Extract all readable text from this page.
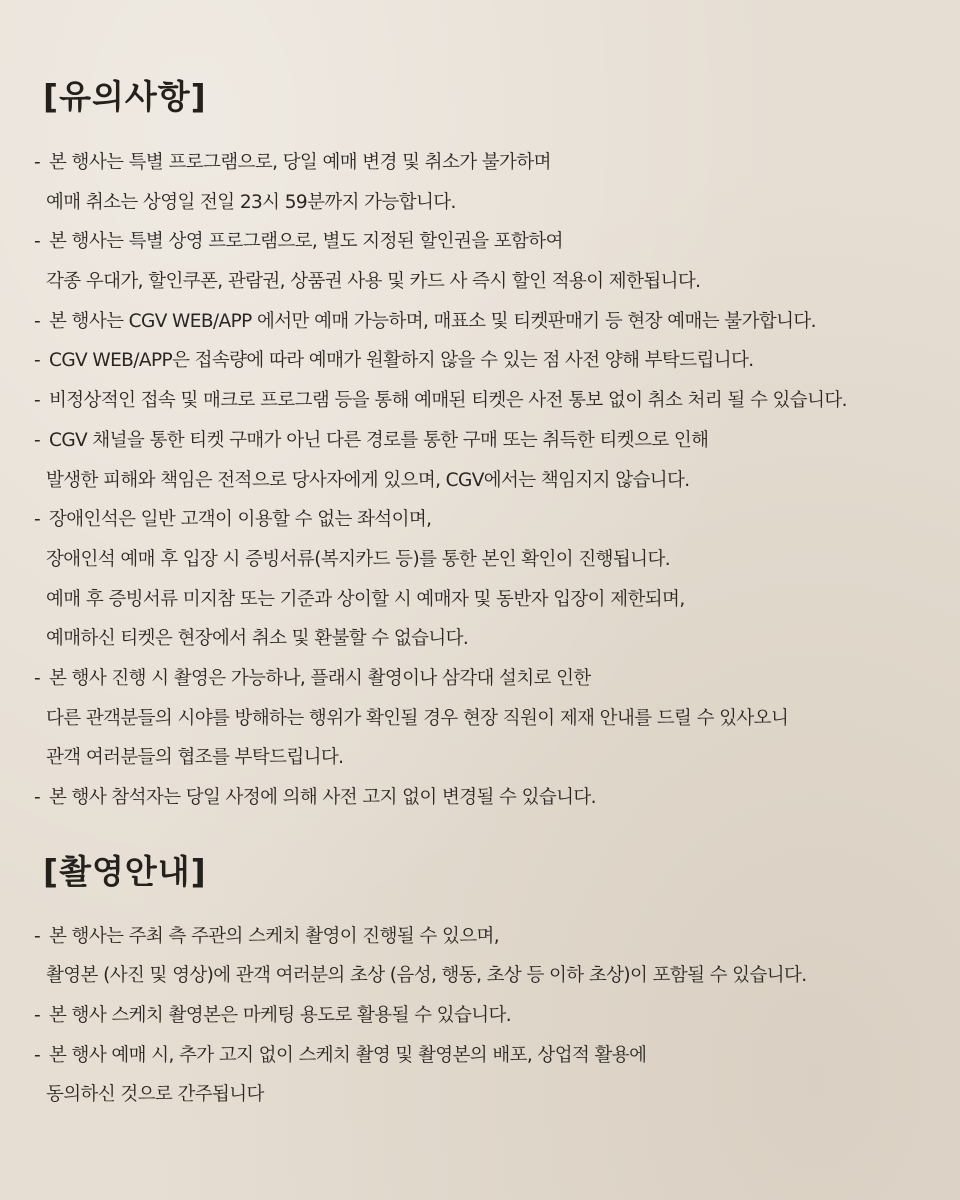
[유의사항]
- 본 행사는 특별 프로그램으로, 당일 예매 변경 및 취소가 불가하며
예매 취소는 상영일 전일 23시 59분까지 가능합니다.
- 본 행사는 특별 상영 프로그램으로, 별도 지정된 할인권을 포함하여
각종 우대가, 할인쿠폰, 관람권, 상품권 사용 및 카드 사 즉시 할인 적용이 제한됩니다.
- 본 행사는 CGV WEB/APP 에서만 예매 가능하며, 매표소 및 티켓판매기 등 현장 예매는 불가합니다.
- CGV WEB/APP은 접속량에 따라 예매가 원활하지 않을 수 있는 점 사전 양해 부탁드립니다.
- 비정상적인 접속 및 매크로 프로그램 등을 통해 예매된 티켓은 사전 통보 없이 취소 처리 될 수 있습니다.
- CGV 채널을 통한 티켓 구매가 아닌 다른 경로를 통한 구매 또는 취득한 티켓으로 인해
발생한 피해와 책임은 전적으로 당사자에게 있으며, CGV에서는 책임지지 않습니다.
- 장애인석은 일반 고객이 이용할 수 없는 좌석이며,
장애인석 예매 후 입장 시 증빙서류(복지카드 등)를 통한 본인 확인이 진행됩니다.
예매 후 증빙서류 미지참 또는 기준과 상이할 시 예매자 및 동반자 입장이 제한되며,
예매하신 티켓은 현장에서 취소 및 환불할 수 없습니다.
- 본 행사 진행 시 촬영은 가능하나, 플래시 촬영이나 삼각대 설치로 인한
다른 관객분들의 시야를 방해하는 행위가 확인될 경우 현장 직원이 제재 안내를 드릴 수 있사오니
관객 여러분들의 협조를 부탁드립니다.
- 본 행사 참석자는 당일 사정에 의해 사전 고지 없이 변경될 수 있습니다.
[촬영안내]
- 본 행사는 주최 측 주관의 스케치 촬영이 진행될 수 있으며,
촬영본 (사진 및 영상)에 관객 여러분의 초상 (음성, 행동, 초상 등 이하 초상)이 포함될 수 있습니다.
- 본 행사 스케치 촬영본은 마케팅 용도로 활용될 수 있습니다.
- 본 행사 예매 시, 추가 고지 없이 스케치 촬영 및 촬영본의 배포, 상업적 활용에
동의하신 것으로 간주됩니다
